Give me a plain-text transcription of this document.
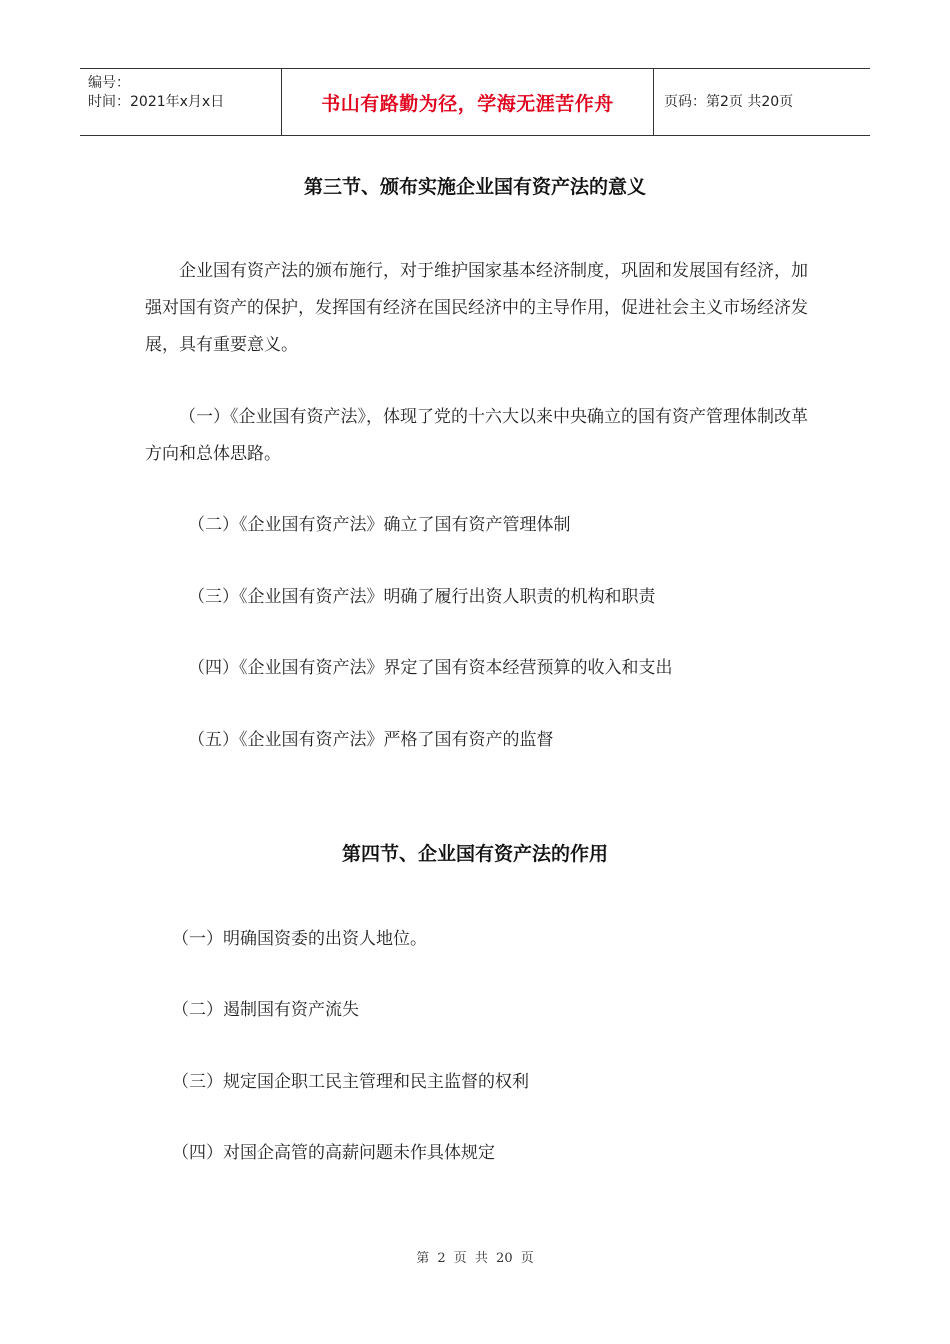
编号：
时间：2021年x月x日	书山有路勤为径，学海无涯苦作舟	页码：第2页 共20页
第三节、颁布实施企业国有资产法的意义

企业国有资产法的颁布施行，对于维护国家基本经济制度，巩固和发展国有经济，加强对国有资产的保护，发挥国有经济在国民经济中的主导作用，促进社会主义市场经济发展，具有重要意义。

（一）《企业国有资产法》，体现了党的十六大以来中央确立的国有资产管理体制改革方向和总体思路。

（二）《企业国有资产法》确立了国有资产管理体制
（三）《企业国有资产法》明确了履行出资人职责的机构和职责
（四）《企业国有资产法》界定了国有资本经营预算的收入和支出
（五）《企业国有资产法》严格了国有资产的监督
第四节、企业国有资产法的作用
（一）明确国资委的出资人地位。
（二）遏制国有资产流失
（三）规定国企职工民主管理和民主监督的权利
（四）对国企高管的高薪问题未作具体规定
第 2 页 共 20 页
